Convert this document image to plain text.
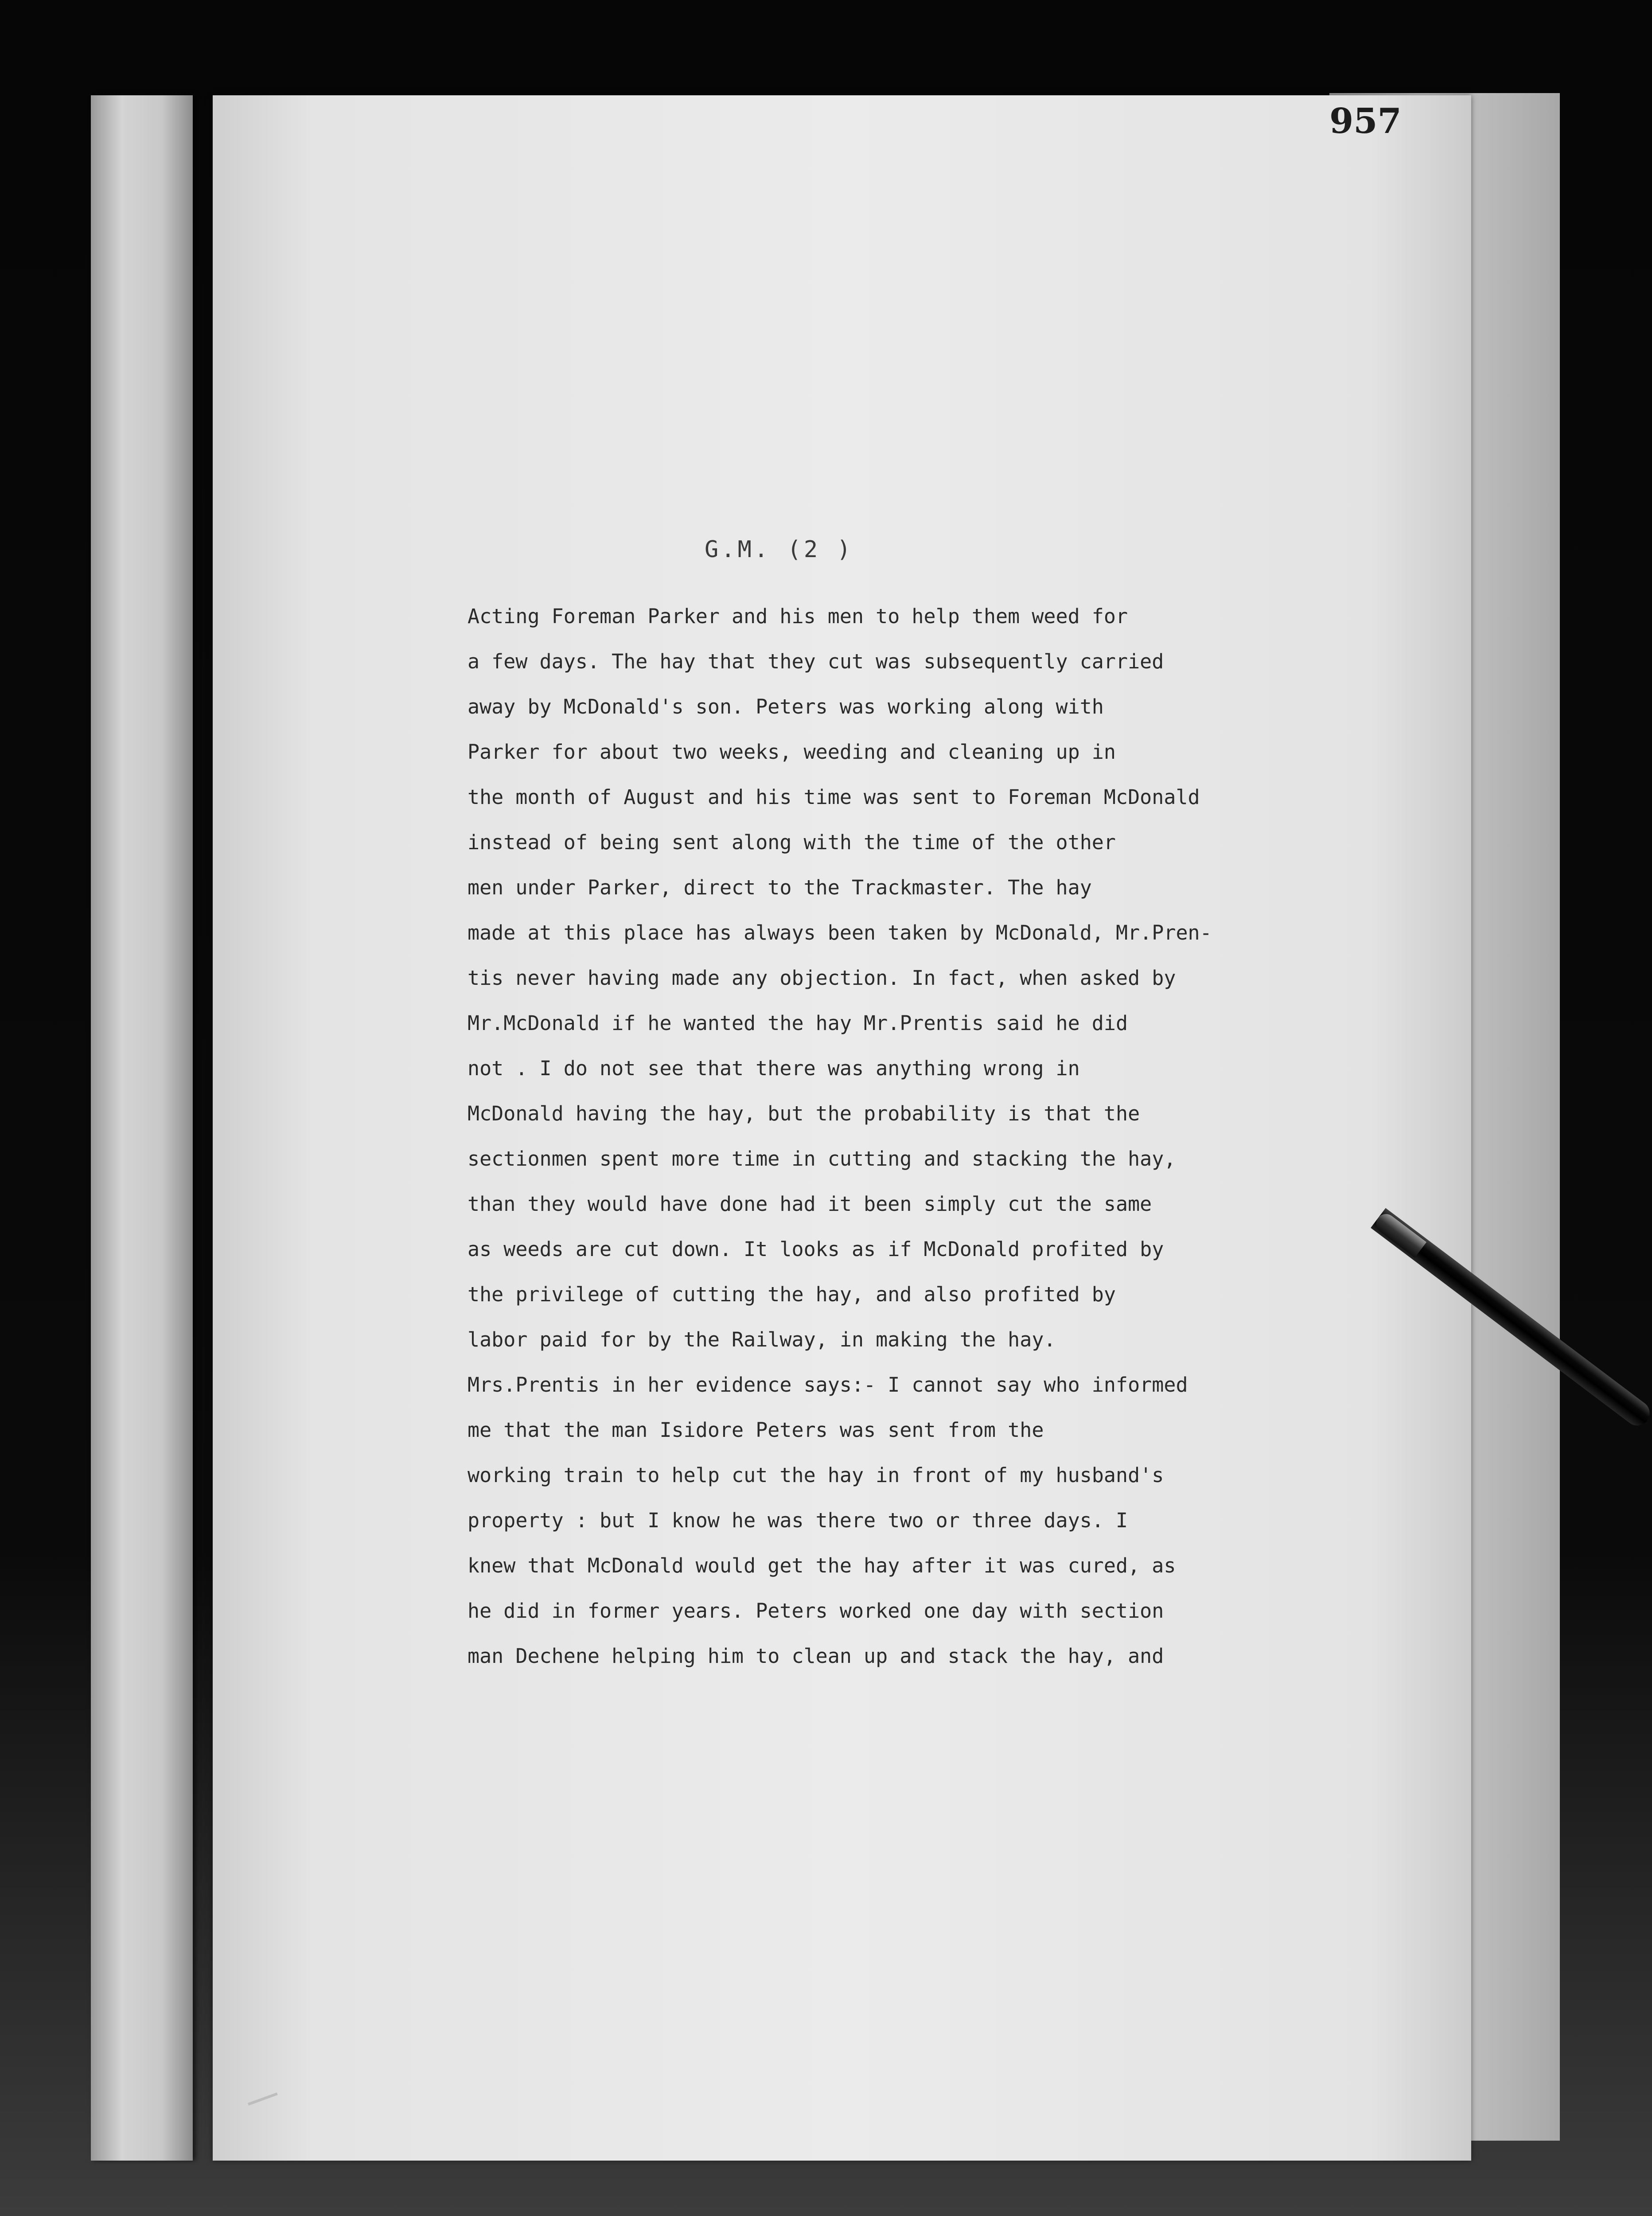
957
G.M. (2 )
Acting Foreman Parker and his men to help them weed for
a few days. The hay that they cut was subsequently carried
away by McDonald's son. Peters was working along with
Parker for about two weeks, weeding and cleaning up in
the month of August and his time was sent to Foreman McDonald
instead of being sent along with the time of the other
men under Parker, direct to the Trackmaster. The hay
made at this place has always been taken by McDonald, Mr.Pren-
tis never having made any objection. In fact, when asked by
Mr.McDonald if he wanted the hay Mr.Prentis said he did
not . I do not see that there was anything wrong in
McDonald having the hay, but the probability is that the
sectionmen spent more time in cutting and stacking the hay,
than they would have done had it been simply cut the same
as weeds are cut down. It looks as if McDonald profited by
the privilege of cutting the hay, and also profited by
labor paid for by the Railway, in making the hay.
Mrs.Prentis in her evidence says:- I cannot say who informed
me that the man Isidore Peters was sent from the
working train to help cut the hay in front of my husband's
property : but I know he was there two or three days. I
knew that McDonald would get the hay after it was cured, as
he did in former years. Peters worked one day with section
man Dechene helping him to clean up and stack the hay, and
